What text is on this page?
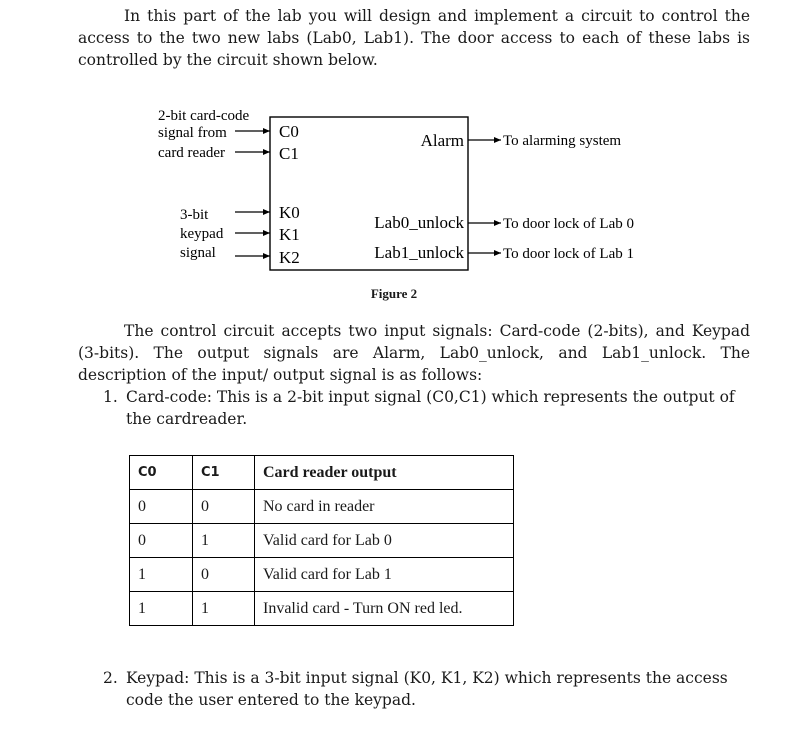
In this part of the lab you will design and implement a circuit to control the access to the two new labs (Lab0, Lab1). The door access to each of these labs is controlled by the circuit shown below.
2-bit card-code
signal from
card reader
3-bit
keypad
signal
C0
C1
K0
K1
K2
Alarm
Lab0_unlock
Lab1_unlock
To alarming system
To door lock of Lab 0
To door lock of Lab 1
Figure 2
The control circuit accepts two input signals: Card-code (2-bits), and Keypad (3-bits). The output signals are Alarm, Lab0_unlock, and Lab1_unlock. The description of the input/ output signal is as follows:
1. Card-code: This is a 2-bit input signal (C0,C1) which represents the output of the cardreader.
C0	C1	Card reader output
0	0	No card in reader
0	1	Valid card for Lab 0
1	0	Valid card for Lab 1
1	1	Invalid card - Turn ON red led.
2. Keypad: This is a 3-bit input signal (K0, K1, K2) which represents the access code the user entered to the keypad.
